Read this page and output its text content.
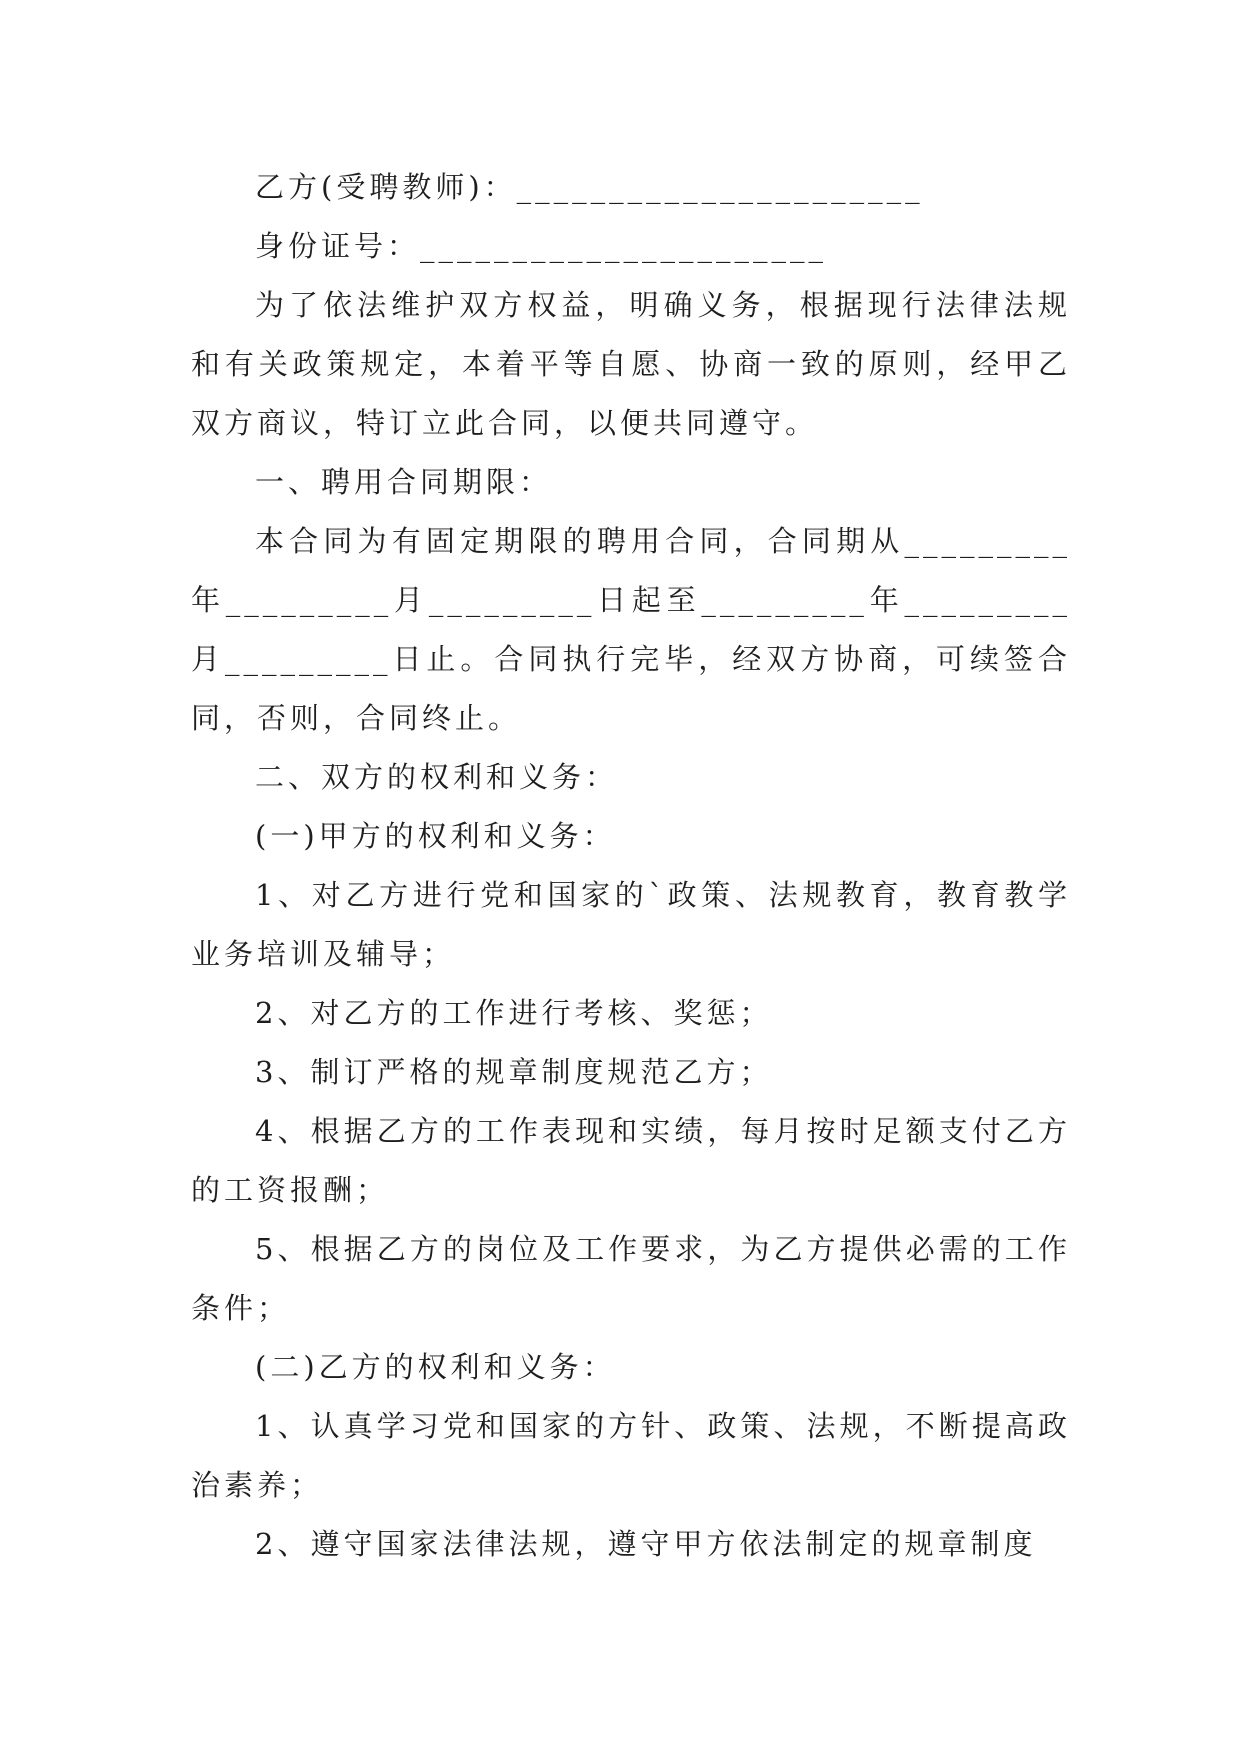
乙方(受聘教师)：______________________

身份证号：______________________

为了依法维护双方权益，明确义务，根据现行法律法规和有关政策规定，本着平等自愿、协商一致的原则，经甲乙双方商议，特订立此合同，以便共同遵守。

一、聘用合同期限：

本合同为有固定期限的聘用合同，合同期从_________年_________月_________日起至_________年_________月_________日止。合同执行完毕，经双方协商，可续签合同，否则，合同终止。

二、双方的权利和义务：

(一)甲方的权利和义务：

1、对乙方进行党和国家的`政策、法规教育，教育教学业务培训及辅导；

2、对乙方的工作进行考核、奖惩；

3、制订严格的规章制度规范乙方；

4、根据乙方的工作表现和实绩，每月按时足额支付乙方的工资报酬；

5、根据乙方的岗位及工作要求，为乙方提供必需的工作条件；

(二)乙方的权利和义务：

1、认真学习党和国家的方针、政策、法规，不断提高政治素养；

2、遵守国家法律法规，遵守甲方依法制定的规章制度
